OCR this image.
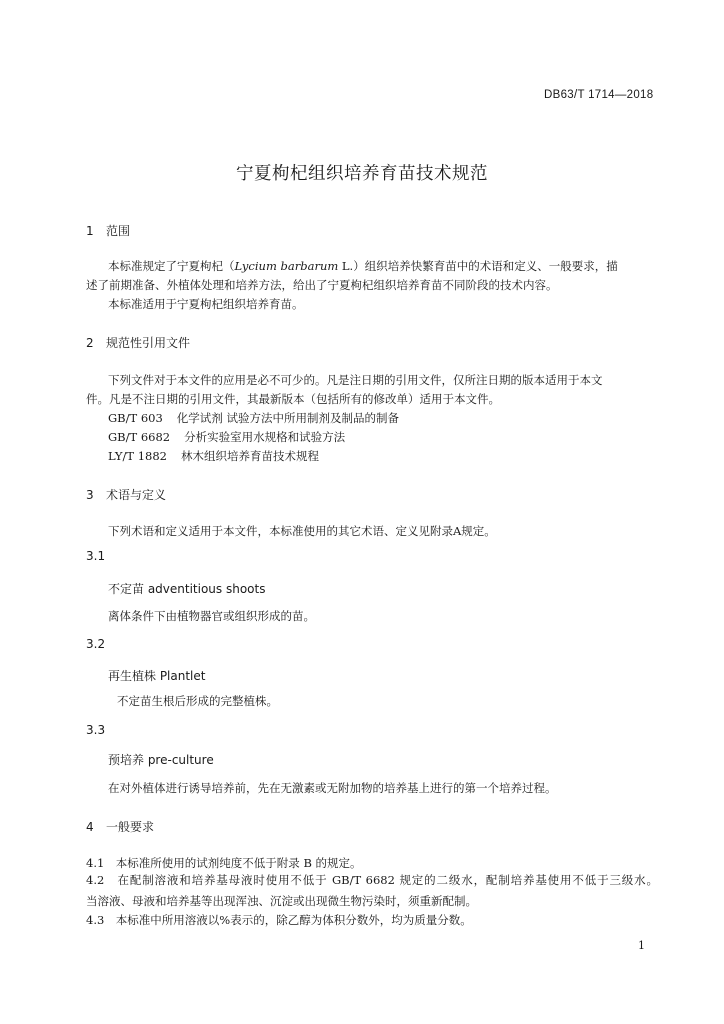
DB63/T 1714—2018
宁夏枸杞组织培养育苗技术规范
1 范围
本标准规定了宁夏枸杞（Lycium barbarum L.）组织培养快繁育苗中的术语和定义、一般要求，描
述了前期准备、外植体处理和培养方法，给出了宁夏枸杞组织培养育苗不同阶段的技术内容。
本标准适用于宁夏枸杞组织培养育苗。
2 规范性引用文件
下列文件对于本文件的应用是必不可少的。凡是注日期的引用文件，仅所注日期的版本适用于本文
件。凡是不注日期的引用文件，其最新版本（包括所有的修改单）适用于本文件。
GB/T 603 化学试剂 试验方法中所用制剂及制品的制备
GB/T 6682 分析实验室用水规格和试验方法
LY/T 1882 林木组织培养育苗技术规程
3 术语与定义
下列术语和定义适用于本文件，本标准使用的其它术语、定义见附录A规定。
3.1
不定苗 adventitious shoots
离体条件下由植物器官或组织形成的苗。
3.2
再生植株 Plantlet
不定苗生根后形成的完整植株。
3.3
预培养 pre-culture
在对外植体进行诱导培养前，先在无激素或无附加物的培养基上进行的第一个培养过程。
4 一般要求
4.1　本标准所使用的试剂纯度不低于附录 B 的规定。
4.2　在配制溶液和培养基母液时使用不低于 GB/T 6682 规定的二级水，配制培养基使用不低于三级水。
当溶液、母液和培养基等出现浑浊、沉淀或出现微生物污染时，须重新配制。
4.3　本标准中所用溶液以%表示的，除乙醇为体积分数外，均为质量分数。
1
